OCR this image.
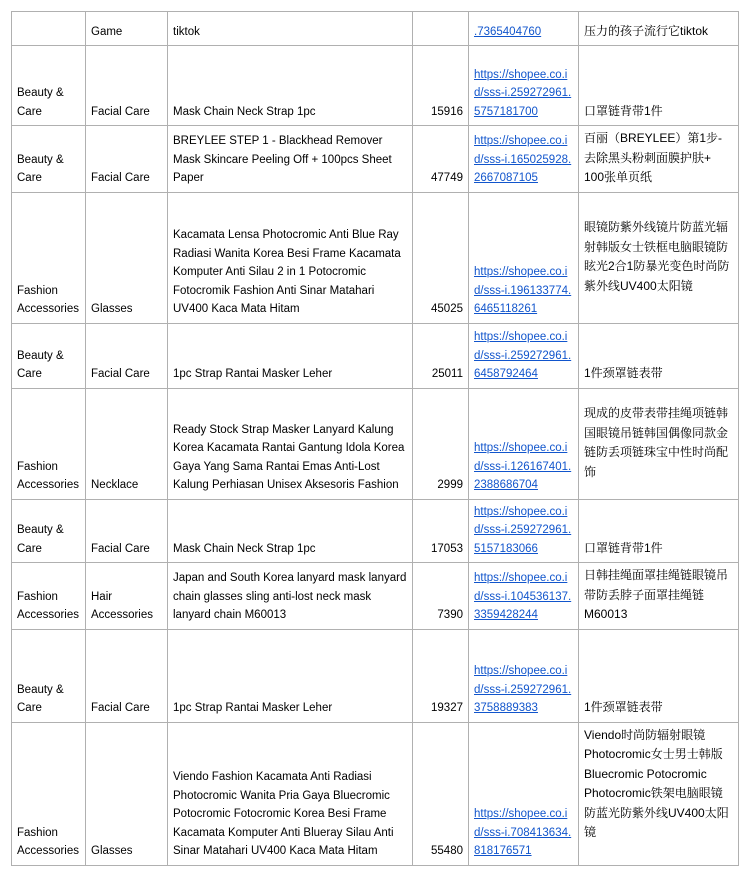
	Game	tiktok		.7365404760	压力的孩子流行它tiktok
Beauty & Care	Facial Care	Mask Chain Neck Strap 1pc	15916	https://shopee.co.id/sss-i.259272961.5757181700	口罩链背带1件
Beauty & Care	Facial Care	BREYLEE STEP 1 - Blackhead Remover Mask Skincare Peeling Off + 100pcs Sheet Paper	47749	https://shopee.co.id/sss-i.165025928.2667087105	百丽（BREYLEE）第1步-去除黑头粉刺面膜护肤+ 100张单页纸
Fashion Accessories	Glasses	Kacamata Lensa Photocromic Anti Blue Ray Radiasi Wanita Korea Besi Frame Kacamata Komputer Anti Silau 2 in 1 Potocromic Fotocromik Fashion Anti Sinar Matahari UV400 Kaca Mata Hitam	45025	https://shopee.co.id/sss-i.196133774.6465118261	眼镜防紫外线镜片防蓝光辐射韩版女士铁框电脑眼镜防眩光2合1防暴光变色时尚防紫外线UV400太阳镜
Beauty & Care	Facial Care	1pc Strap Rantai Masker Leher	25011	https://shopee.co.id/sss-i.259272961.6458792464	1件颈罩链表带
Fashion Accessories	Necklace	Ready Stock Strap Masker Lanyard Kalung Korea Kacamata Rantai Gantung Idola Korea Gaya Yang Sama Rantai Emas Anti-Lost Kalung Perhiasan Unisex Aksesoris Fashion	2999	https://shopee.co.id/sss-i.126167401.2388686704	现成的皮带表带挂绳项链韩国眼镜吊链韩国偶像同款金链防丢项链珠宝中性时尚配饰
Beauty & Care	Facial Care	Mask Chain Neck Strap 1pc	17053	https://shopee.co.id/sss-i.259272961.5157183066	口罩链背带1件
Fashion Accessories	Hair Accessories	Japan and South Korea lanyard mask lanyard chain glasses sling anti-lost neck mask lanyard chain M60013	7390	https://shopee.co.id/sss-i.104536137.3359428244	日韩挂绳面罩挂绳链眼镜吊带防丢脖子面罩挂绳链M60013
Beauty & Care	Facial Care	1pc Strap Rantai Masker Leher	19327	https://shopee.co.id/sss-i.259272961.3758889383	1件颈罩链表带
Fashion Accessories	Glasses	Viendo Fashion Kacamata Anti Radiasi Photocromic Wanita Pria Gaya Bluecromic Potocromic Fotocromic Korea Besi Frame Kacamata Komputer Anti Blueray Silau Anti Sinar Matahari UV400 Kaca Mata Hitam	55480	https://shopee.co.id/sss-i.708413634.818176571	Viendo时尚防辐射眼镜Photocromic女士男士韩版Bluecromic Potocromic Photocromic铁架电脑眼镜防蓝光防紫外线UV400太阳镜
